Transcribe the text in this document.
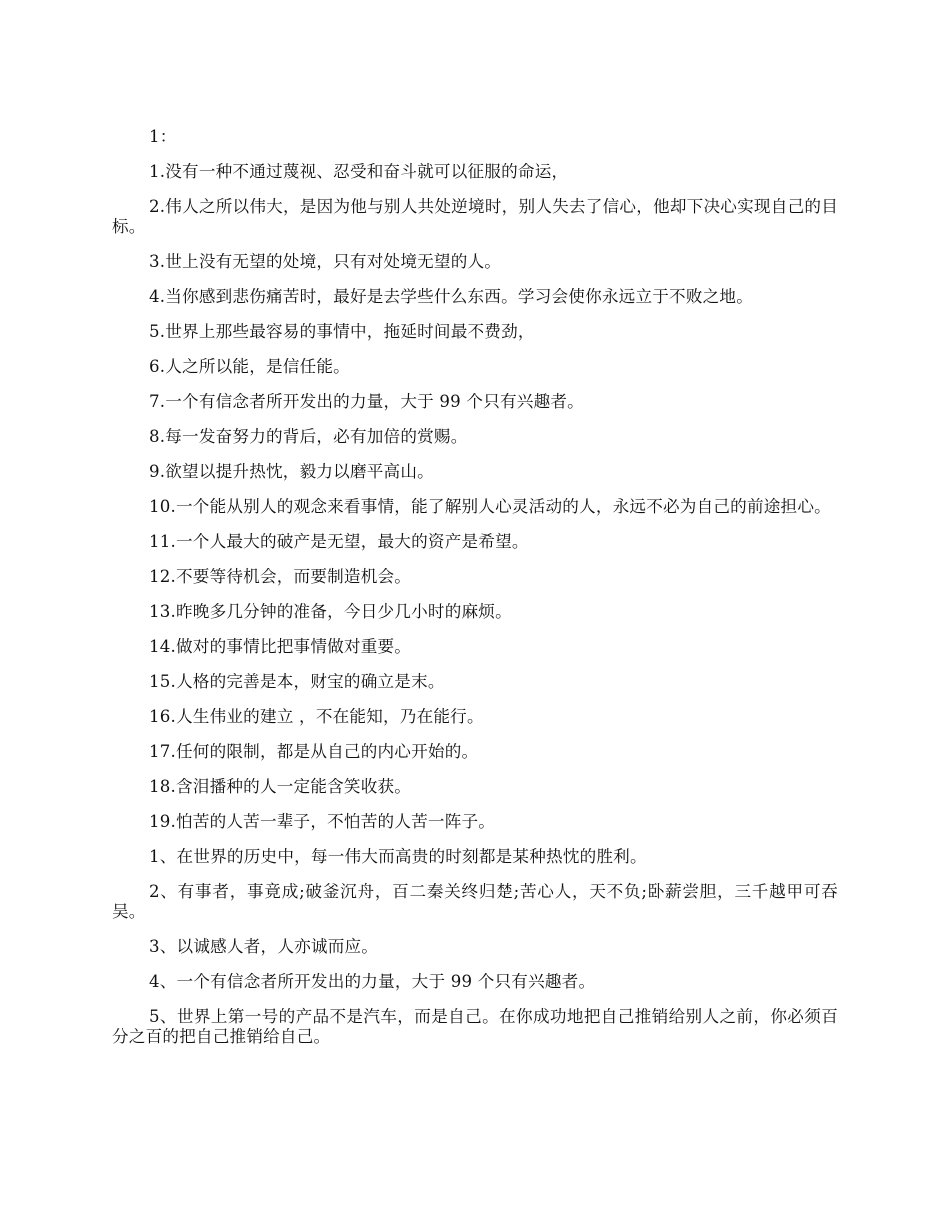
1：

1.没有一种不通过蔑视、忍受和奋斗就可以征服的命运，

2.伟人之所以伟大，是因为他与别人共处逆境时，别人失去了信心，他却下决心实现自己的目标。

3.世上没有无望的处境，只有对处境无望的人。

4.当你感到悲伤痛苦时，最好是去学些什么东西。学习会使你永远立于不败之地。

5.世界上那些最容易的事情中，拖延时间最不费劲，

6.人之所以能，是信任能。

7.一个有信念者所开发出的力量，大于 99 个只有兴趣者。

8.每一发奋努力的背后，必有加倍的赏赐。

9.欲望以提升热忱，毅力以磨平高山。

10.一个能从别人的观念来看事情，能了解别人心灵活动的人，永远不必为自己的前途担心。

11.一个人最大的破产是无望，最大的资产是希望。

12.不要等待机会，而要制造机会。

13.昨晚多几分钟的准备，今日少几小时的麻烦。

14.做对的事情比把事情做对重要。

15.人格的完善是本，财宝的确立是末。

16.人生伟业的建立 ，不在能知，乃在能行。

17.任何的限制，都是从自己的内心开始的。

18.含泪播种的人一定能含笑收获。

19.怕苦的人苦一辈子，不怕苦的人苦一阵子。

1、在世界的历史中，每一伟大而高贵的时刻都是某种热忱的胜利。

2、有事者，事竟成;破釜沉舟，百二秦关终归楚;苦心人，天不负;卧薪尝胆，三千越甲可吞吴。

3、以诚感人者，人亦诚而应。

4、一个有信念者所开发出的力量，大于 99 个只有兴趣者。

5、世界上第一号的产品不是汽车，而是自己。在你成功地把自己推销给别人之前，你必须百分之百的把自己推销给自己。
